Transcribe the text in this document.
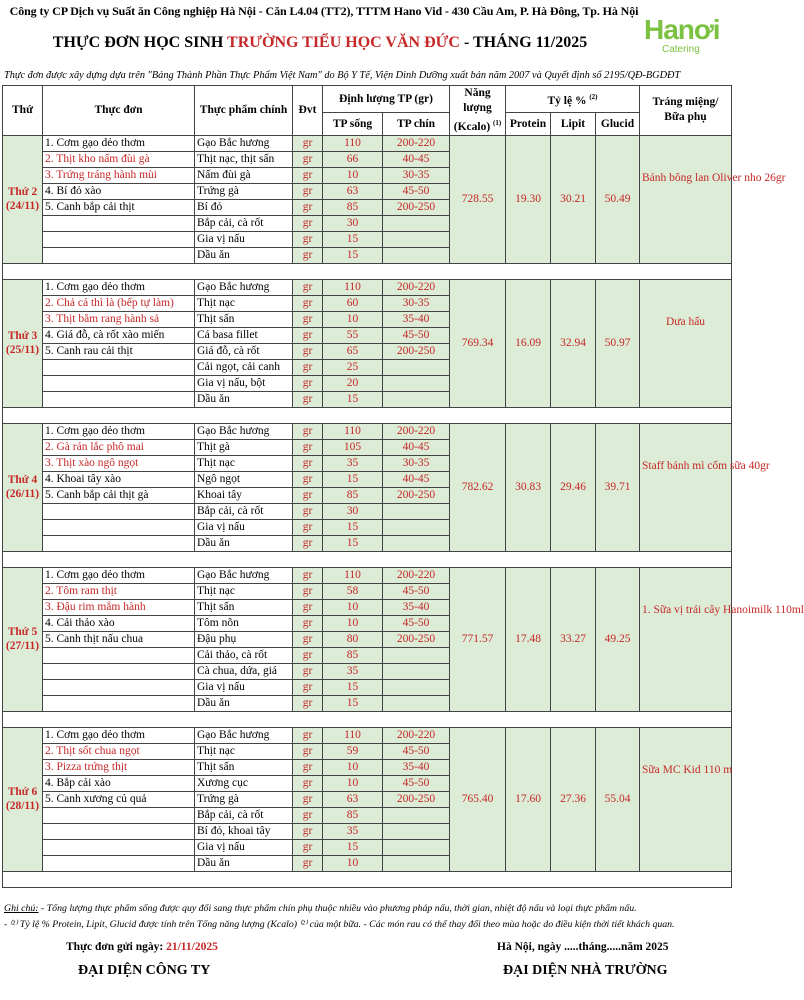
Công ty CP Dịch vụ Suất ăn Công nghiệp Hà Nội - Căn L4.04 (TT2), TTTM Hano Vid - 430 Cầu Am, P. Hà Đông, Tp. Hà Nội
Hanơi
Catering
THỰC ĐƠN HỌC SINH TRƯỜNG TIỂU HỌC VĂN ĐỨC - THÁNG 11/2025
Thực đơn được xây dựng dựa trên "Bảng Thành Phần Thực Phẩm Việt Nam" do Bộ Y Tế, Viện Dinh Dưỡng xuất bản năm 2007 và Quyết định số 2195/QĐ-BGDĐT
Thứ	Thực đơn	Thực phẩm chính	Đvt	Định lượng TP (gr)		Năng lượng
(Kcalo) $^{(1)}$	Tỷ lệ % $^{(2)}$			Tráng miệng/ Bữa phụ
				TP sống	TP chín		Protein	Lipit	Glucid	
Thứ 2
(24/11)	1. Cơm gạo dẻo thơm	Gạo Bắc hương	gr	110	200-220	728.55	19.30	30.21	50.49	Bánh bông lan Oliver nho 26gr
	2. Thịt kho nấm đùi gà	Thịt nạc, thịt sấn	gr	66	40-45					
	3. Trứng tráng hành mùi	Nấm đùi gà	gr	10	30-35					
	4. Bí đỏ xào	Trứng gà	gr	63	45-50					
	5. Canh bắp cải thịt	Bí đỏ	gr	85	200-250					
		Bắp cải, cà rốt	gr	30						
		Gia vị nấu	gr	15						
		Dầu ăn	gr	15						

Thứ 3
(25/11)	1. Cơm gạo dẻo thơm	Gạo Bắc hương	gr	110	200-220	769.34	16.09	32.94	50.97	Dưa hấu
	2. Chả cá thì là (bếp tự làm)	Thịt nạc	gr	60	30-35					
	3. Thịt băm rang hành sả	Thịt sấn	gr	10	35-40					
	4. Giá đỗ, cà rốt xào miến	Cá basa fillet	gr	55	45-50					
	5. Canh rau cải thịt	Giá đỗ, cà rốt	gr	65	200-250					
		Cải ngọt, cải canh	gr	25						
		Gia vị nấu, bột	gr	20						
		Dầu ăn	gr	15						

Thứ 4
(26/11)	1. Cơm gạo dẻo thơm	Gạo Bắc hương	gr	110	200-220	782.62	30.83	29.46	39.71	Staff bánh mì cốm sữa 40gr
	2. Gà rán lắc phô mai	Thịt gà	gr	105	40-45					
	3. Thịt xào ngô ngọt	Thịt nạc	gr	35	30-35					
	4. Khoai tây xào	Ngô ngọt	gr	15	40-45					
	5. Canh bắp cải thịt gà	Khoai tây	gr	85	200-250					
		Bắp cải, cà rốt	gr	30						
		Gia vị nấu	gr	15						
		Dầu ăn	gr	15						

Thứ 5
(27/11)	1. Cơm gạo dẻo thơm	Gạo Bắc hương	gr	110	200-220	771.57	17.48	33.27	49.25	1. Sữa vị trái cây Hanoimilk 110ml
	2. Tôm ram thịt	Thịt nạc	gr	58	45-50					
	3. Đậu rim mắm hành	Thịt sấn	gr	10	35-40					
	4. Cải thảo xào	Tôm nõn	gr	10	45-50					
	5. Canh thịt nấu chua	Đậu phụ	gr	80	200-250					
		Cải thảo, cà rốt	gr	85						
		Cà chua, dứa, giá	gr	35						
		Gia vị nấu	gr	15						
		Dầu ăn	gr	15						

Thứ 6
(28/11)	1. Cơm gạo dẻo thơm	Gạo Bắc hương	gr	110	200-220	765.40	17.60	27.36	55.04	Sữa MC Kid 110 m
	2. Thịt sốt chua ngọt	Thịt nạc	gr	59	45-50					
	3. Pizza trứng thịt	Thịt sấn	gr	10	35-40					
	4. Bắp cải xào	Xương cục	gr	10	45-50					
	5. Canh xương củ quả	Trứng gà	gr	63	200-250					
		Bắp cải, cà rốt	gr	85						
		Bí đỏ, khoai tây	gr	35						
		Gia vị nấu	gr	15						
		Dầu ăn	gr	10						

Ghi chú: - Tổng lượng thực phẩm sống được quy đổi sang thực phẩm chín phụ thuộc nhiều vào phương pháp nấu, thời gian, nhiệt độ nấu và loại thực phẩm nấu.
- ⁽²⁾ Tỷ lệ % Protein, Lipit, Glucid được tính trên Tổng năng lượng (Kcalo) ⁽²⁾ của một bữa. - Các món rau có thể thay đổi theo mùa hoặc do điều kiện thời tiết khách quan.
Thực đơn gửi ngày: 21/11/2025	Hà Nội, ngày .....tháng.....năm 2025
ĐẠI DIỆN CÔNG TY	ĐẠI DIỆN NHÀ TRƯỜNG
